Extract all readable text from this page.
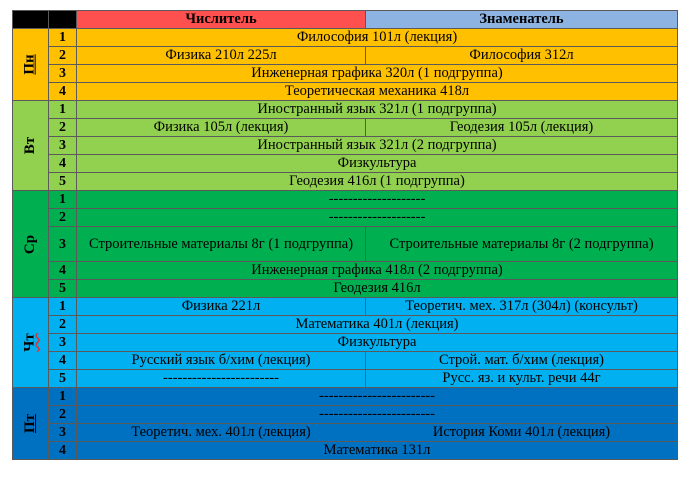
		Числитель	Знаменатель
Пн	1	Философия 101л (лекция)	
	2	Физика 210л 225л	Философия 312л
	3	Инженерная графика 320л (1 подгруппа)	
	4	Теоретическая механика 418л	
Вт	1	Иностранный язык 321л (1 подгруппа)	
	2	Физика 105л (лекция)	Геодезия 105л (лекция)
	3	Иностранный язык 321л (2 подгруппа)	
	4	Физкультура	
	5	Геодезия 416л (1 подгруппа)	
Ср	1	--------------------	
	2	--------------------	
	3	Строительные материалы 8г (1 подгруппа)	Строительные материалы 8г (2 подгруппа)
	4	Инженерная графика 418л (2 подгруппа)	
	5	Геодезия 416л	
Чт	1	Физика 221л	Теоретич. мех. 317л (304л) (консульт)
	2	Математика 401л (лекция)	
	3	Физкультура	
	4	Русский язык б/хим (лекция)	Строй. мат. б/хим (лекция)
	5	------------------------	Русс. яз. и культ. речи 44г
Пт	1	------------------------	
	2	------------------------	
	3	Теоретич. мех. 401л (лекция)	История Коми 401л (лекция)
	4	Математика 131л	
